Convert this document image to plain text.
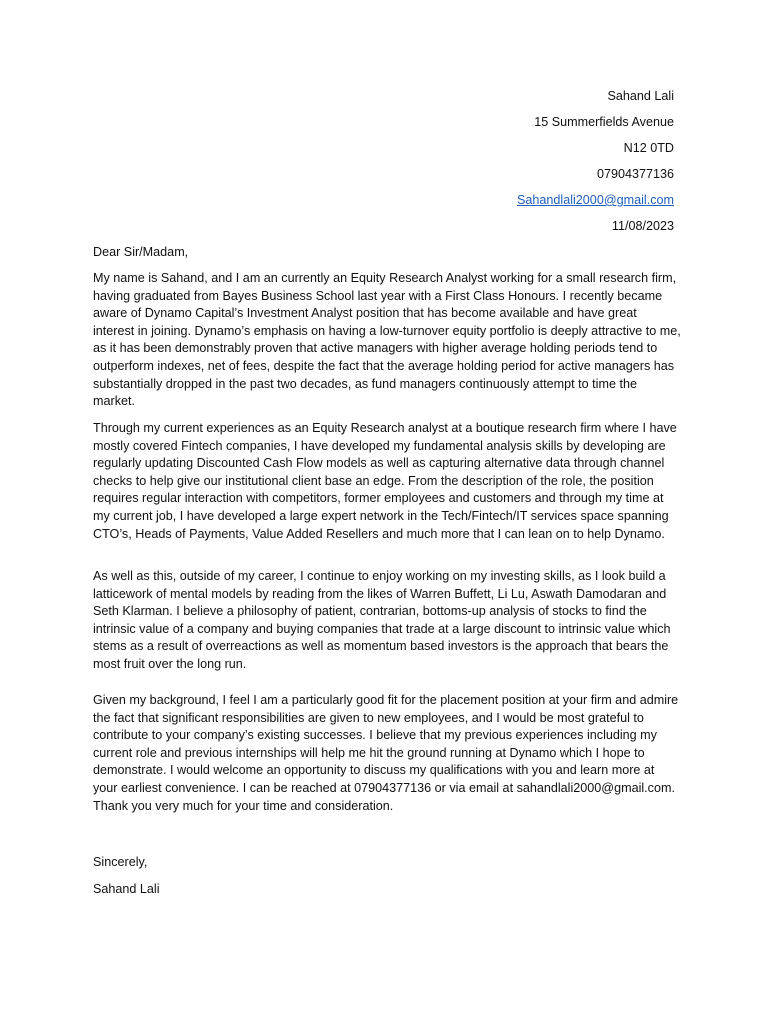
Sahand Lali
15 Summerfields Avenue
N12 0TD
07904377136
Sahandlali2000@gmail.com
11/08/2023
Dear Sir/Madam,

My name is Sahand, and I am an currently an Equity Research Analyst working for a small research firm, having graduated from Bayes Business School last year with a First Class Honours. I recently became aware of Dynamo Capital’s Investment Analyst position that has become available and have great interest in joining. Dynamo’s emphasis on having a low-turnover equity portfolio is deeply attractive to me, as it has been demonstrably proven that active managers with higher average holding periods tend to outperform indexes, net of fees, despite the fact that the average holding period for active managers has substantially dropped in the past two decades, as fund managers continuously attempt to time the market.

Through my current experiences as an Equity Research analyst at a boutique research firm where I have mostly covered Fintech companies, I have developed my fundamental analysis skills by developing are regularly updating Discounted Cash Flow models as well as capturing alternative data through channel checks to help give our institutional client base an edge. From the description of the role, the position requires regular interaction with competitors, former employees and customers and through my time at my current job, I have developed a large expert network in the Tech/Fintech/IT services space spanning CTO’s, Heads of Payments, Value Added Resellers and much more that I can lean on to help Dynamo.

As well as this, outside of my career, I continue to enjoy working on my investing skills, as I look build a latticework of mental models by reading from the likes of Warren Buffett, Li Lu, Aswath Damodaran and Seth Klarman. I believe a philosophy of patient, contrarian, bottoms-up analysis of stocks to find the intrinsic value of a company and buying companies that trade at a large discount to intrinsic value which stems as a result of overreactions as well as momentum based investors is the approach that bears the most fruit over the long run.

Given my background, I feel I am a particularly good fit for the placement position at your firm and admire the fact that significant responsibilities are given to new employees, and I would be most grateful to contribute to your company’s existing successes. I believe that my previous experiences including my current role and previous internships will help me hit the ground running at Dynamo which I hope to demonstrate. I would welcome an opportunity to discuss my qualifications with you and learn more at your earliest convenience. I can be reached at 07904377136 or via email at sahandlali2000@gmail.com. Thank you very much for your time and consideration.

Sincerely,
Sahand Lali
